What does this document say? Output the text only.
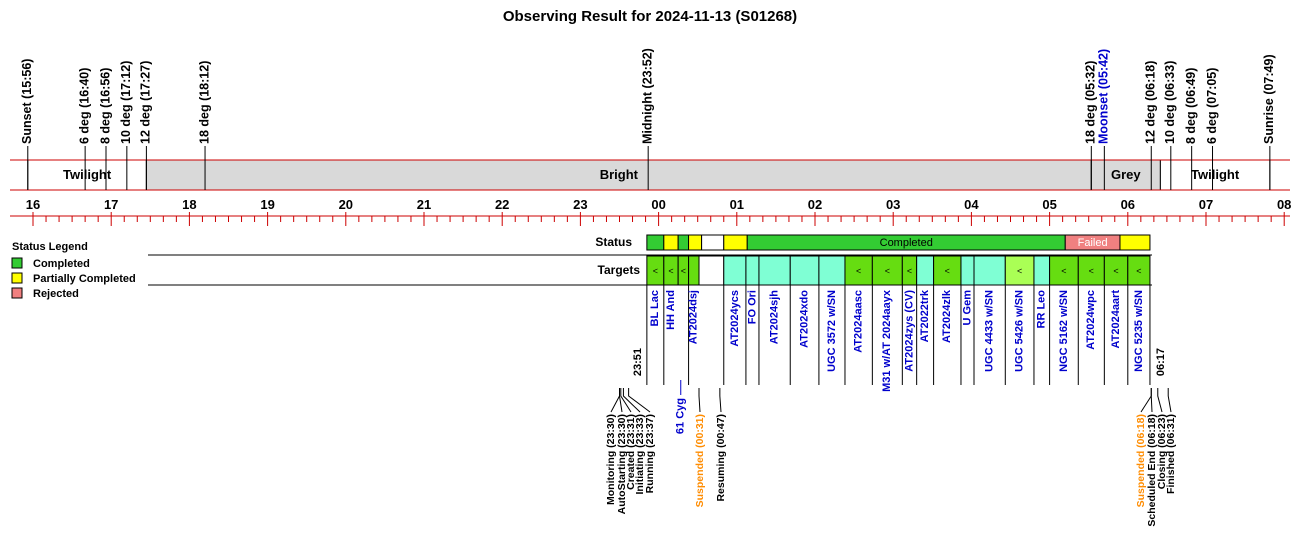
Observing Result for 2024-11-13 (S01268)
Twilight	Bright	Grey	Twilight
16	17	18	19	20	21	22	23	00	01	02	03	04	05	06	07	08
Sunset (15:56)	6 deg (16:40) 8 deg (16:56) 10 deg (17:12) 12 deg (17:27)	18 deg (18:12)	Midnight (23:52)	18 deg (05:32) Moonset (05:42)	12 deg (06:18) 10 deg (06:33) 8 deg (06:49) 6 deg (07:05)	Sunrise (07:49)
Status Legend
Completed
Partially Completed
Rejected
Status	Completed	Failed
Targets < < <	<	< <	<	<	< < < <
BL Lac HH And AT2024dsj	AT2024ycs FO Ori AT2024sjh AT2024xdo UGC 3572 w/SN AT2024aasc M31 w/AT 2024aayx AT2024zys (CV) AT2022trk AT2024zlk U Gem UGC 4433 w/SN UGC 5426 w/SN RR Leo NGC 5162 w/SN AT2024wpc AT2024aart NGC 5235 w/SN
61 Cyg
23:51	06:17
Monitoring (23:30) AutoStarting (23:30)
Created (23:31)
Initiating (23:33)
Running (23:37)	Suspended (00:31) Resuming (00:47)	Suspended (06:18) Scheduled End (06:18)
Closing (06:23)
Finished (06:31)
